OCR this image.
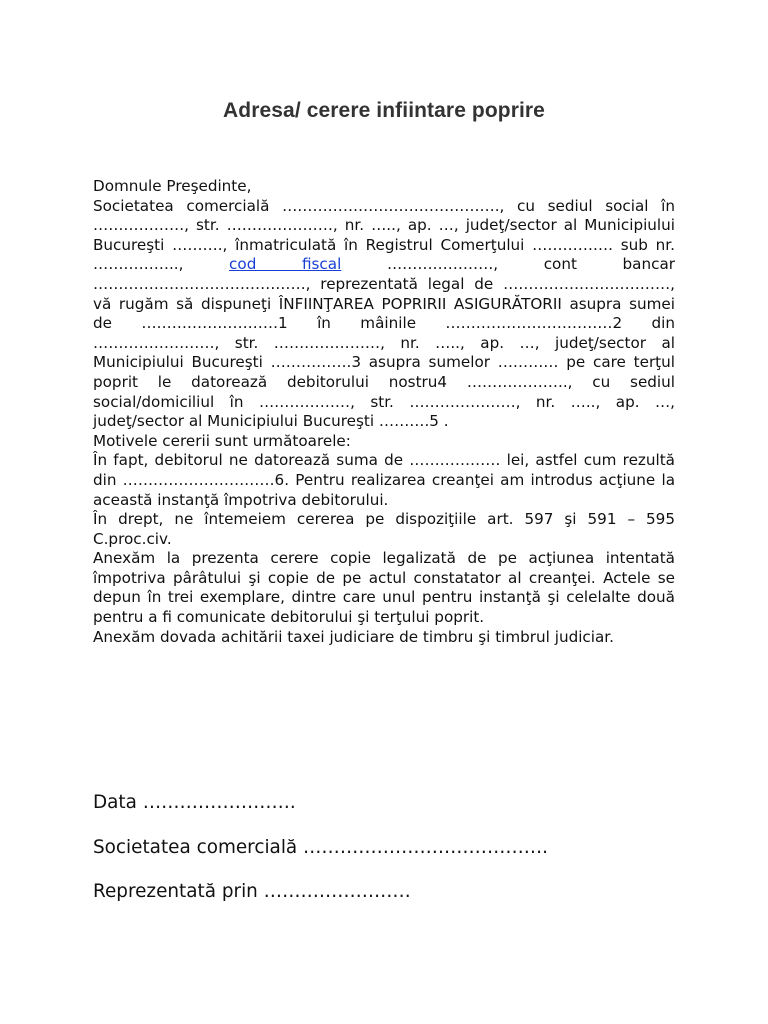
Adresa/ cerere infiintare poprire

Domnule Preşedinte,

Societatea comercială ……………………………………., cu sediul social în ………………, str. …………………, nr. ….., ap. …, judeţ/sector al Municipiului Bucureşti ………., înmatriculată în Registrul Comerţului ……………. sub nr. ……………..,	cod fiscal	…………………, cont bancar ……………………………………, reprezentată legal de ……………………………, vă rugăm să dispuneţi ÎNFIINŢAREA POPRIRII ASIGURĂTORII asupra sumei de ………………………1 în mâinile ……………………………2 din ……………………, str. …………………, nr. ….., ap. …, judeţ/sector al Municipiului Bucureşti …………….3 asupra sumelor ………… pe care terţul poprit le datorează debitorului nostru4 ……………….., cu sediul social/domiciliul în ………………, str. …………………, nr. ….., ap. …, judeţ/sector al Municipiului Bucureşti ……….5 .

Motivele cererii sunt următoarele:

În fapt, debitorul ne datorează suma de ……………… lei, astfel cum rezultă din …………………………6. Pentru realizarea creanţei am introdus acţiune la această instanţă împotriva debitorului.

În drept, ne întemeiem cererea pe dispoziţiile art. 597 şi 591 – 595 C.proc.civ.

Anexăm la prezenta cerere copie legalizată de pe acţiunea intentată împotriva pârâtului şi copie de pe actul constatator al creanţei. Actele se depun în trei exemplare, dintre care unul pentru instanţă şi celelalte două pentru a fi comunicate debitorului şi terţului poprit.

Anexăm dovada achitării taxei judiciare de timbru şi timbrul judiciar.

Data …………………….
Societatea comercială ………………………………….
Reprezentată prin ……………………
